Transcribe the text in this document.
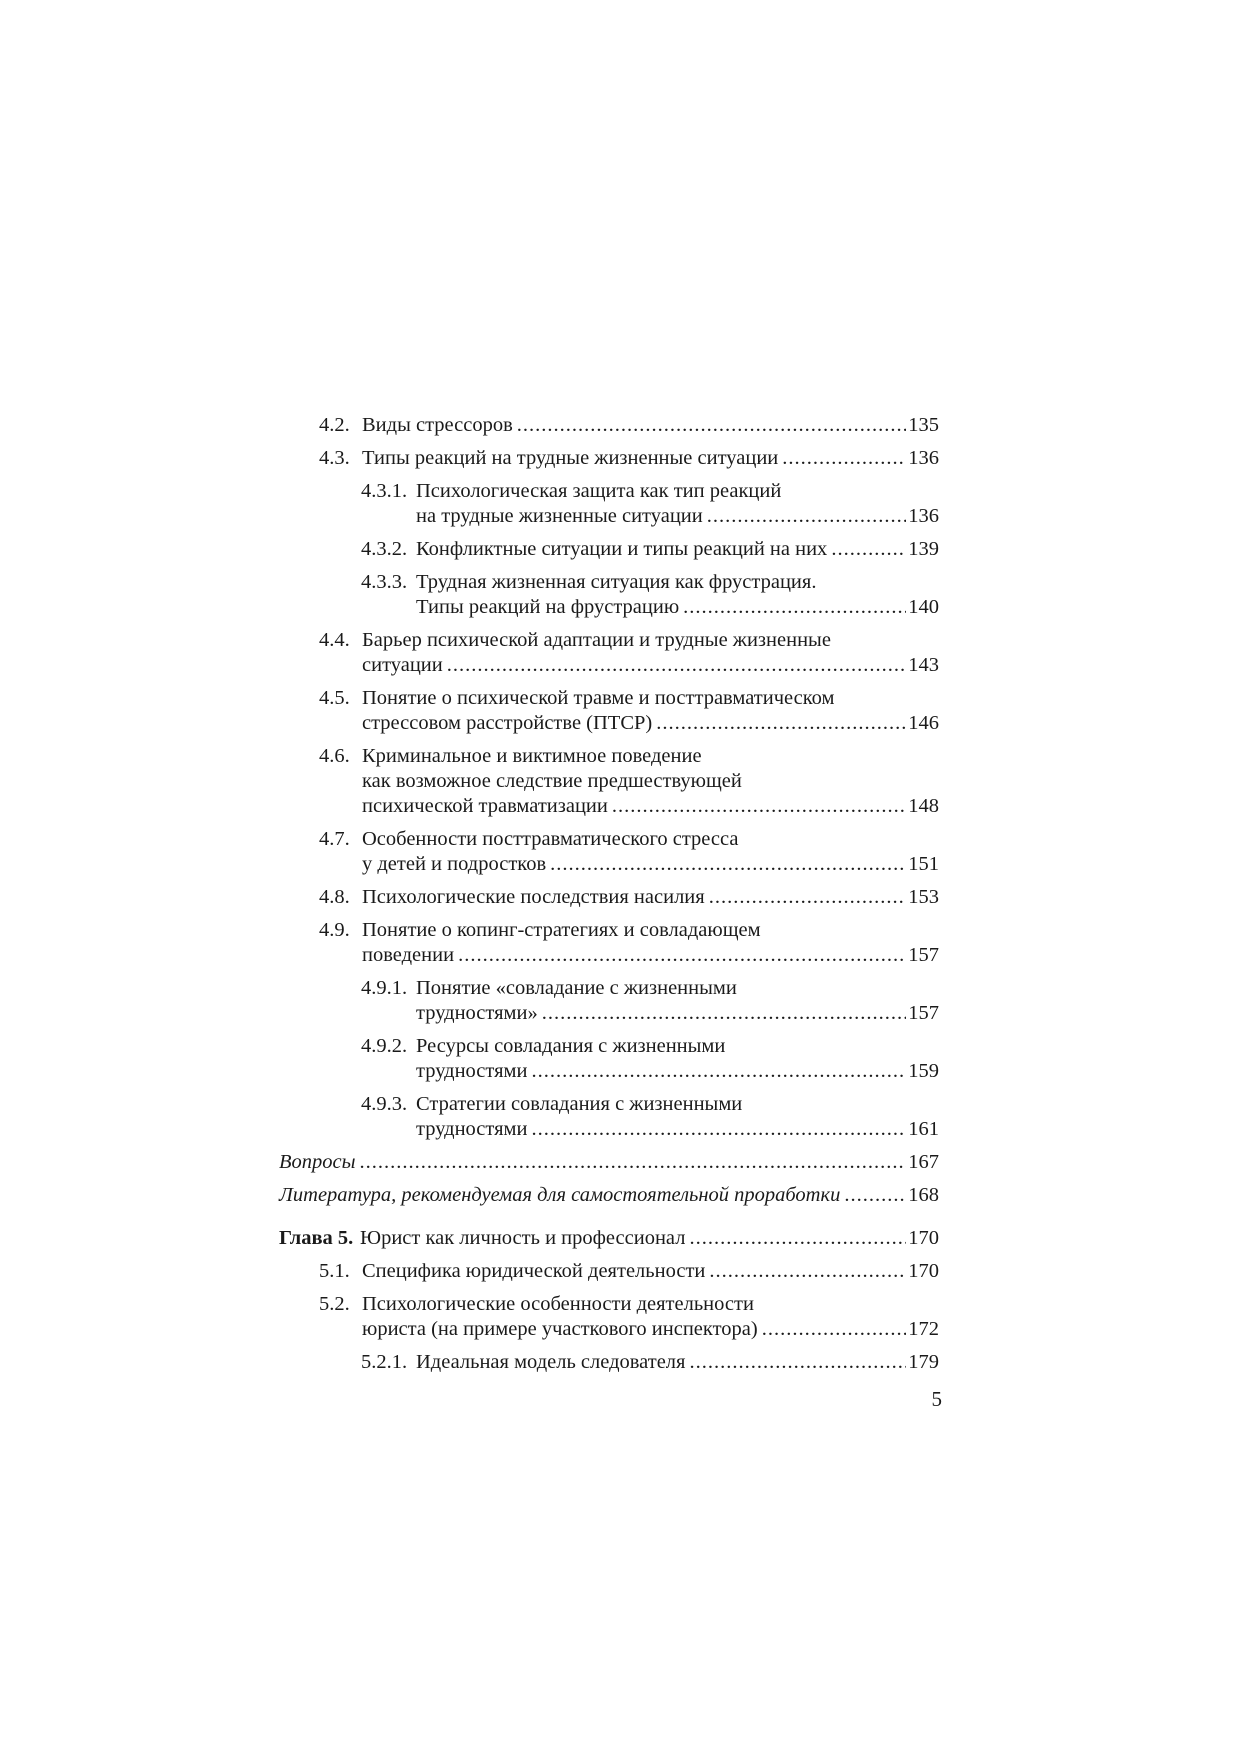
4.2. Виды стрессоров .....	135
4.3. Типы реакций на трудные жизненные ситуации .....	136
4.3.1. Психологическая защита как тип реакций
на трудные жизненные ситуации .....	136
4.3.2. Конфликтные ситуации и типы реакций на них .....	139
4.3.3. Трудная жизненная ситуация как фрустрация.
Типы реакций на фрустрацию .....	140
4.4. Барьер психической адаптации и трудные жизненные
ситуации .....	143
4.5. Понятие о психической травме и посттравматическом
стрессовом расстройстве (ПТСР) .....	146
4.6. Криминальное и виктимное поведение
как возможное следствие предшествующей
психической травматизации .....	148
4.7. Особенности посттравматического стресса
у детей и подростков .....	151
4.8. Психологические последствия насилия .....	153
4.9. Понятие о копинг-стратегиях и совладающем
поведении .....	157
4.9.1. Понятие «совладание с жизненными
трудностями» .....	157
4.9.2. Ресурсы совладания с жизненными
трудностями .....	159
4.9.3. Стратегии совладания с жизненными
трудностями .....	161
Вопросы .....	167
Литература, рекомендуемая для самостоятельной проработки .....	168
Глава 5. Юрист как личность и профессионал .....	170
5.1. Специфика юридической деятельности .....	170
5.2. Психологические особенности деятельности
юриста (на примере участкового инспектора) .....	172
5.2.1. Идеальная модель следователя .....	179
5
